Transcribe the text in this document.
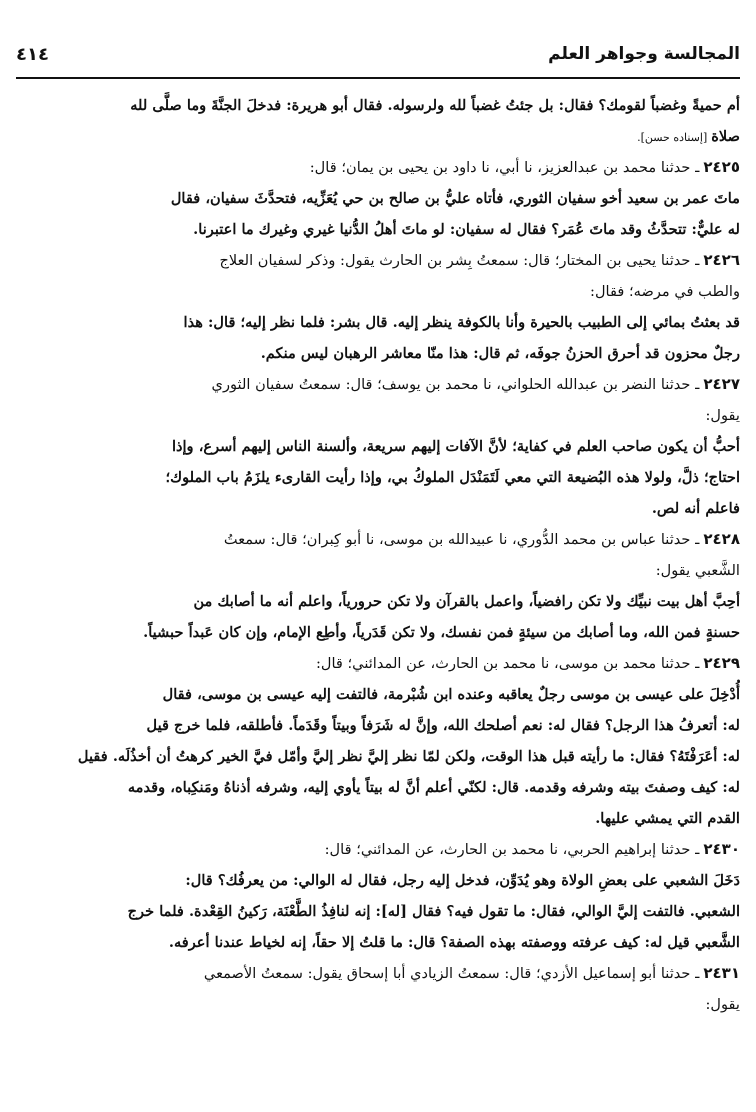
المجالسة وجواهر العلم
٤١٤
أم حميةً وغضباً لقومك؟ فقال: بل جئتُ غضباً لله ولرسوله. فقال أبو هريرة: فدخلَ الجنَّةَ وما صلَّى لله
صلاة[إسناده حسن].
٢٤٢٥ـ حدثنا محمد بن عبدالعزيز، نا أبي، نا داود بن يحيى بن يمان؛ قال:
ماتَ عمر بن سعيد أخو سفيان الثوري، فأتاه عليُّ بن صالح بن حي يُعَزِّيه، فتحدَّثَ سفيان، فقال
له عليٌّ: تتحدَّثُ وقد ماتَ عُمَر؟ فقال له سفيان: لو ماتَ أهلُ الدُّنيا غيري وغيرك ما اعتبرنا.
٢٤٢٦ـ حدثنا يحيى بن المختار؛ قال: سمعتُ بِشر بن الحارث يقول: وذكر لسفيان العلاج
والطب في مرضه؛ فقال:
قد بعثتُ بمائي إلى الطبيب بالحيرة وأنا بالكوفة ينظر إليه. قال بشر: فلما نظر إليه؛ قال: هذا
رجلٌ محزون قد أحرق الحزنُ جوفَه، ثم قال: هذا منّا معاشر الرهبان ليس منكم.
٢٤٢٧ـ حدثنا النضر بن عبدالله الحلواني، نا محمد بن يوسف؛ قال: سمعتُ سفيان الثوري
يقول:
أحبُّ أن يكون صاحب العلم في كفاية؛ لأنَّ الآفات إليهم سريعة، وألسنة الناس إليهم أسرع، وإذا
احتاج؛ ذلَّ، ولولا هذه البُضيعة التي معي لَتَمَنْدَل الملوكُ بي، وإذا رأيت القارىء يلزَمُ باب الملوك؛
فاعلم أنه لص.
٢٤٢٨ـ حدثنا عباس بن محمد الدُّوري، نا عبيدالله بن موسى، نا أبو كِبران؛ قال: سمعتُ
الشَّعبي يقول:
أحِبَّ أهل بيت نبيِّك ولا تكن رافضياً، واعمل بالقرآن ولا تكن حرورياً، واعلم أنه ما أصابك من
حسنةٍ فمن الله، وما أصابك من سيئةٍ فمن نفسك، ولا تكن قَدَرياً، وأطِع الإمام، وإن كان عَبداً حبشياً.
٢٤٢٩ـ حدثنا محمد بن موسى، نا محمد بن الحارث، عن المدائني؛ قال:
أُدْخِلَ على عيسى بن موسى رجلٌ يعاقبه وعنده ابن شُبْرمة، فالتفت إليه عيسى بن موسى، فقال
له: أتعرفُ هذا الرجل؟ فقال له: نعم أصلحك الله، وإنَّ له شَرَفاً وبيتاً وقَدَماً. فأطلقه، فلما خرج قيل
له: أعَرَفْتَهُ؟ فقال: ما رأيته قبل هذا الوقت، ولكن لمّا نظر إليَّ نظر إليَّ وأمّل فيَّ الخير كرهتُ أن أخذُلَه. فقيل
له: كيف وصفتَ بيته وشرفه وقدمه. قال: لكنّي أعلم أنَّ له بيتاً يأوي إليه، وشرفه أذناهُ ومَنكِباه، وقدمه
القدم التي يمشي عليها.
٢٤٣٠ـ حدثنا إبراهيم الحربي، نا محمد بن الحارث، عن المدائني؛ قال:
دَخَلَ الشعبي على بعضِ الولاة وهو يُدَوِّن، فدخل إليه رجل، فقال له الوالي: من يعرفُك؟ قال:
الشعبي. فالتفت إليَّ الوالي، فقال: ما تقول فيه؟ فقال [له]: إنه لنافِذُ الطَّعْنَة، رَكينُ القِعْدة. فلما خرج
الشَّعبي قيل له: كيف عرفته ووصفته بهذه الصفة؟ قال: ما قلتُ إلا حقاً، إنه لخياط عندنا أعرفه.
٢٤٣١ـ حدثنا أبو إسماعيل الأزدي؛ قال: سمعتُ الزيادي أبا إسحاق يقول: سمعتُ الأصمعي
يقول:
